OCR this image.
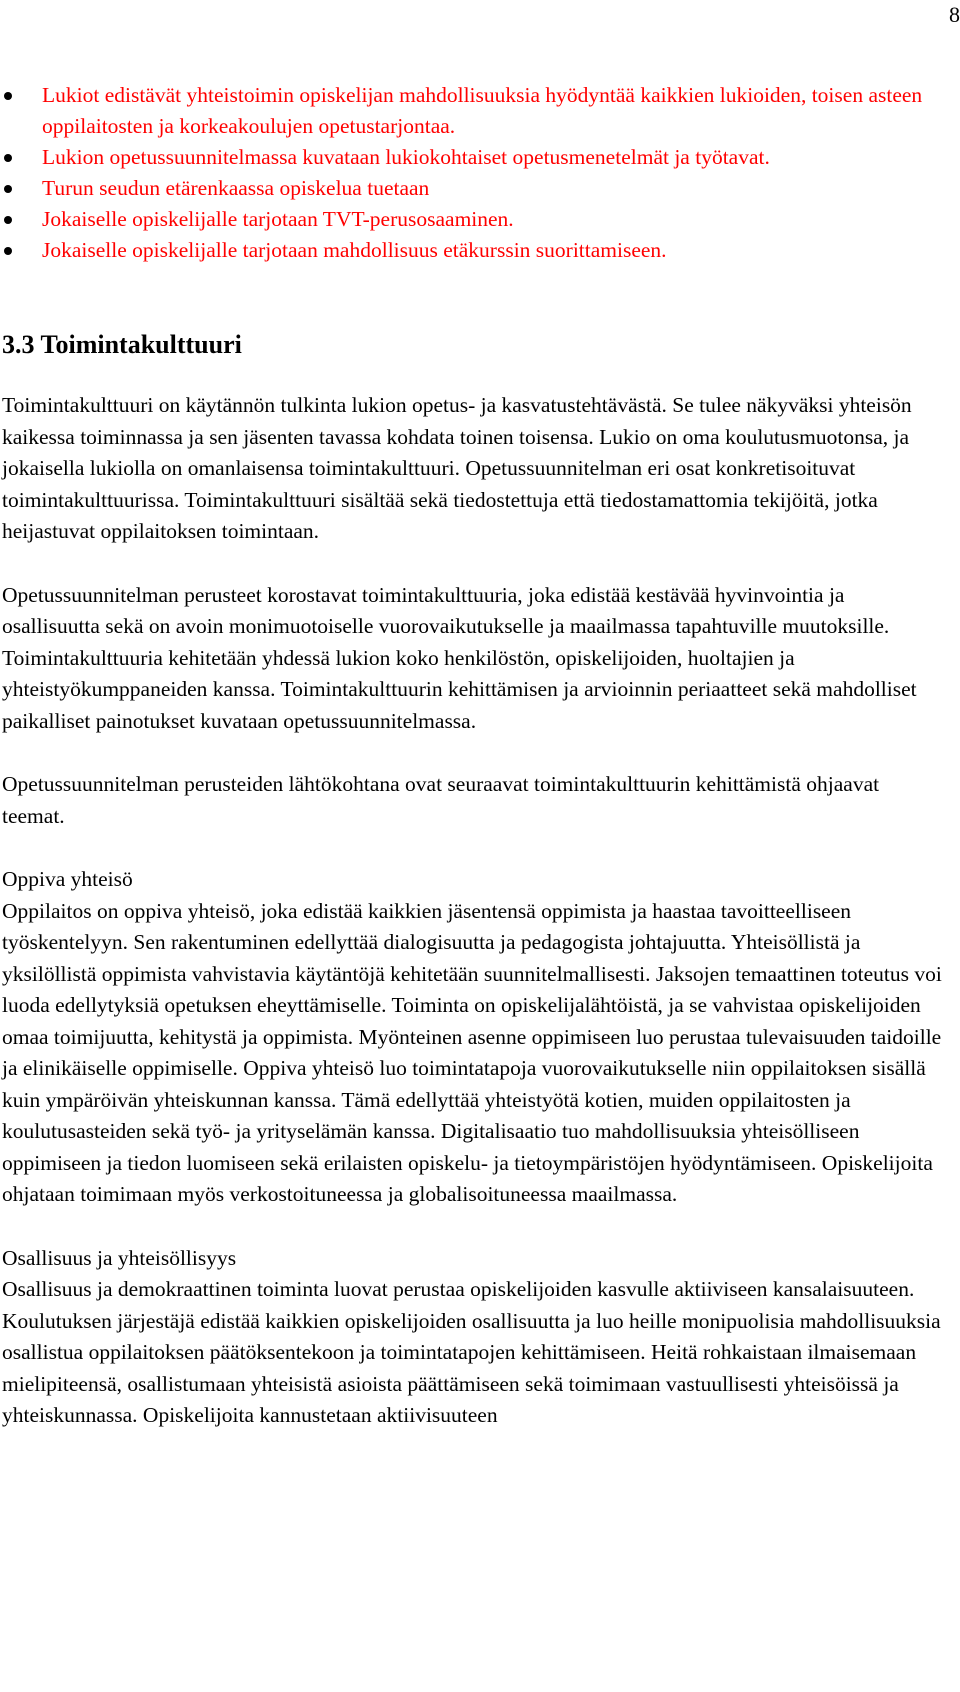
8
Lukiot edistävät yhteistoimin opiskelijan mahdollisuuksia hyödyntää kaikkien lukioiden, toisen asteen oppilaitosten ja korkeakoulujen opetustarjontaa.
Lukion opetussuunnitelmassa kuvataan lukiokohtaiset opetusmenetelmät ja työtavat.
Turun seudun etärenkaassa opiskelua tuetaan
Jokaiselle opiskelijalle tarjotaan TVT-perusosaaminen.
Jokaiselle opiskelijalle tarjotaan mahdollisuus etäkurssin suorittamiseen.
3.3 Toimintakulttuuri

Toimintakulttuuri on käytännön tulkinta lukion opetus- ja kasvatustehtävästä. Se tulee näkyväksi yhteisön kaikessa toiminnassa ja sen jäsenten tavassa kohdata toinen toisensa. Lukio on oma koulutusmuotonsa, ja jokaisella lukiolla on omanlaisensa toimintakulttuuri. Opetussuunnitelman eri osat konkretisoituvat toimintakulttuurissa. Toimintakulttuuri sisältää sekä tiedostettuja että tiedostamattomia tekijöitä, jotka heijastuvat oppilaitoksen toimintaan.

Opetussuunnitelman perusteet korostavat toimintakulttuuria, joka edistää kestävää hyvinvointia ja osallisuutta sekä on avoin monimuotoiselle vuorovaikutukselle ja maailmassa tapahtuville muutoksille. Toimintakulttuuria kehitetään yhdessä lukion koko henkilöstön, opiskelijoiden, huoltajien ja yhteistyökumppaneiden kanssa. Toimintakulttuurin kehittämisen ja arvioinnin periaatteet sekä mahdolliset paikalliset painotukset kuvataan opetussuunnitelmassa.

Opetussuunnitelman perusteiden lähtökohtana ovat seuraavat toimintakulttuurin kehittämistä ohjaavat teemat.

Oppiva yhteisö

Oppilaitos on oppiva yhteisö, joka edistää kaikkien jäsentensä oppimista ja haastaa tavoitteelliseen työskentelyyn. Sen rakentuminen edellyttää dialogisuutta ja pedagogista johtajuutta. Yhteisöllistä ja yksilöllistä oppimista vahvistavia käytäntöjä kehitetään suunnitelmallisesti. Jaksojen temaattinen toteutus voi luoda edellytyksiä opetuksen eheyttämiselle. Toiminta on opiskelijalähtöistä, ja se vahvistaa opiskelijoiden omaa toimijuutta, kehitystä ja oppimista. Myönteinen asenne oppimiseen luo perustaa tulevaisuuden taidoille ja elinikäiselle oppimiselle. Oppiva yhteisö luo toimintatapoja vuorovaikutukselle niin oppilaitoksen sisällä kuin ympäröivän yhteiskunnan kanssa. Tämä edellyttää yhteistyötä kotien, muiden oppilaitosten ja koulutusasteiden sekä työ- ja yrityselämän kanssa. Digitalisaatio tuo mahdollisuuksia yhteisölliseen oppimiseen ja tiedon luomiseen sekä erilaisten opiskelu- ja tietoympäristöjen hyödyntämiseen. Opiskelijoita ohjataan toimimaan myös verkostoituneessa ja globalisoituneessa maailmassa.

Osallisuus ja yhteisöllisyys

Osallisuus ja demokraattinen toiminta luovat perustaa opiskelijoiden kasvulle aktiiviseen kansalaisuuteen. Koulutuksen järjestäjä edistää kaikkien opiskelijoiden osallisuutta ja luo heille monipuolisia mahdollisuuksia osallistua oppilaitoksen päätöksentekoon ja toimintatapojen kehittämiseen. Heitä rohkaistaan ilmaisemaan mielipiteensä, osallistumaan yhteisistä asioista päättämiseen sekä toimimaan vastuullisesti yhteisöissä ja yhteiskunnassa. Opiskelijoita kannustetaan aktiivisuuteen
